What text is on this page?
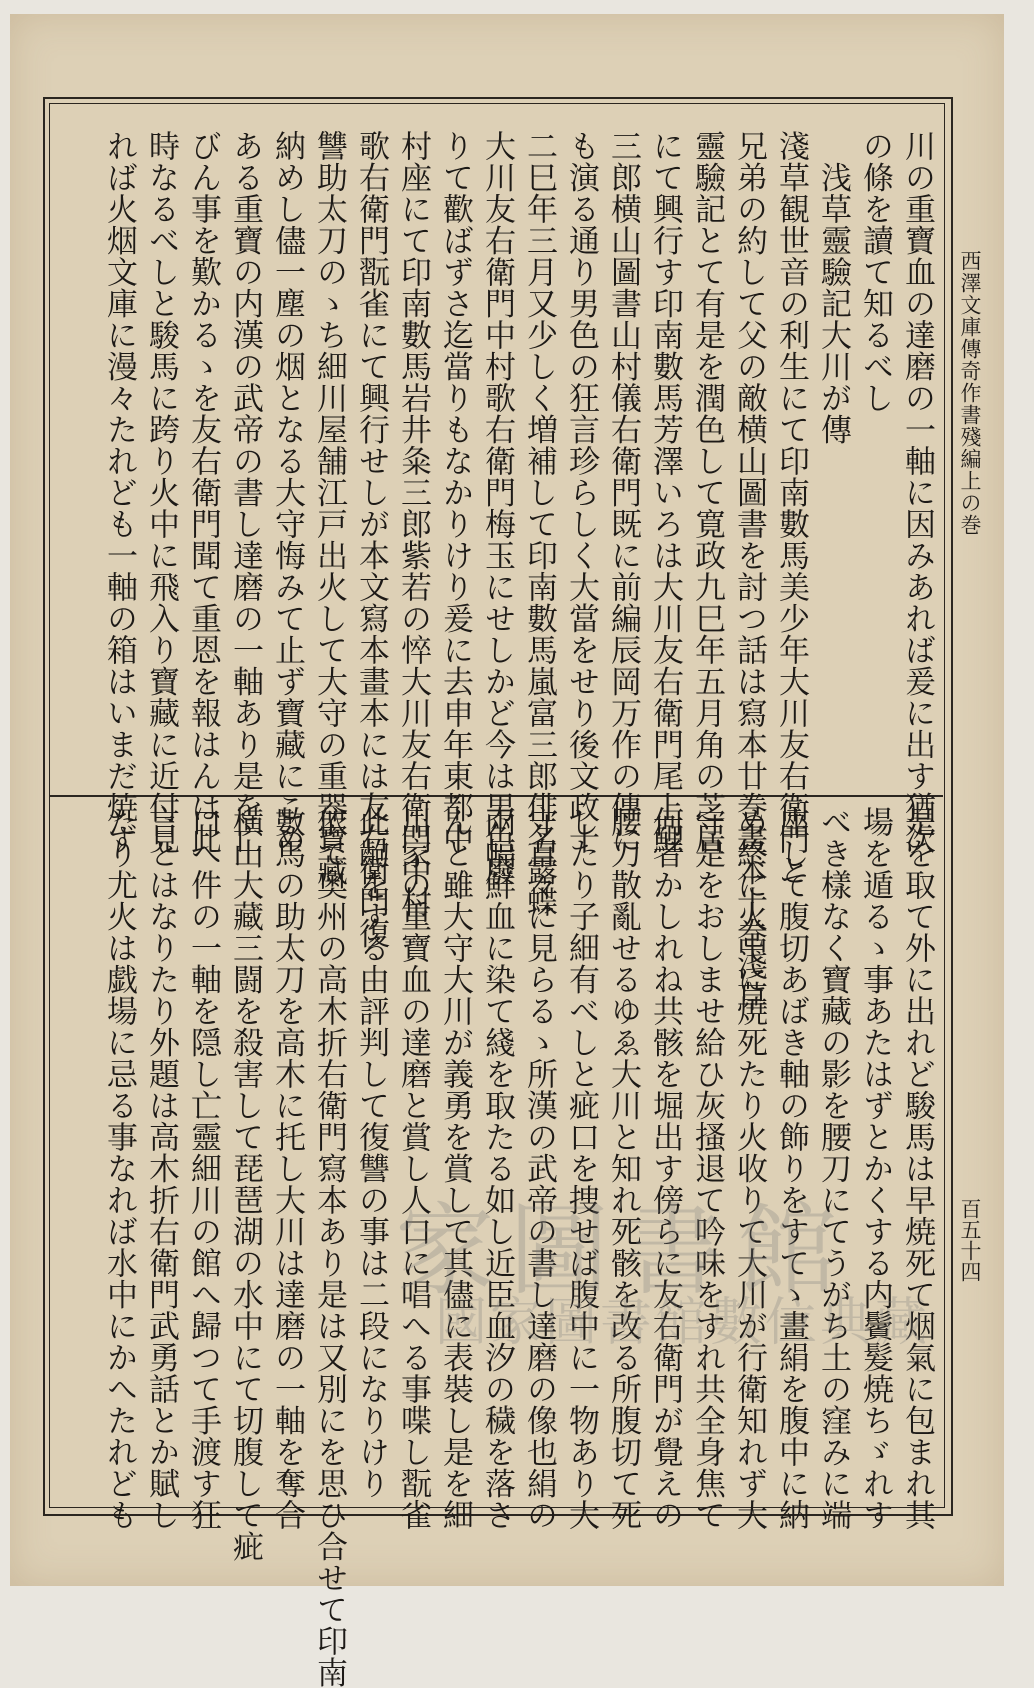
西澤文庫傳奇作書殘編上の巻
百五十四
川の重寶血の達磨の一軸に因みあれば爰に出す猶次
の條を讀て知るべし
　浅草靈驗記大川が傳
淺草観世音の利生にて印南數馬美少年大川友右衛門と
兄弟の約して父の敵横山圖書を討つ話は寫本廿巻畫本十巻淺草
靈驗記とて有是を潤色して寛政九巳年五月角の芝居
にて興行す印南數馬芳澤いろは大川友右衛門尾上鯉
三郎横山圖書山村儀右衛門既に前編辰岡万作の傳に
も演る通り男色の狂言珍らしく大當をせり後文政十
二巳年三月又少しく増補して印南數馬嵐富三郎俳名露蝶
大川友右衛門中村歌右衛門梅玉にせしかど今は男色廢
りて歡ばずさ迄當りもなかりけり爰に去申年東都中
村座にて印南數馬岩井粂三郎紫若の悴大川友右衛門中村
歌右衛門翫雀にて興行せしが本文寫本畫本には友右衛門復
讐助太刀のゝち細川屋舗江戸出火して大守の重器寶藏
納めし儘一塵の烟となる大守悔みて止ず寶藏にこめ
ある重寶の内漢の武帝の書し達磨の一軸あり是を亡
びん事を歎かるゝを友右衛門聞て重恩を報はんは此
時なるべしと駿馬に跨り火中に飛入り寶藏に近付見
れば火烟文庫に漫々たれども一軸の箱はいまだ焼ず
是を取て外に出れど駿馬は早焼死て烟氣に包まれ其
場を遁るゝ事あたはずとかくする内鬢髮焼ちゞれす
べき樣なく寶藏の影を腰刀にてうがち土の窪みに端
座して腹切あばき軸の飾りをすてゝ畫絹を腹中に納
め終に火中に焼死たり火收りて大川が行衛知れず大
守是をおしませ給ひ灰搔退て吟味をすれ共全身焦て
何者かしれね共骸を堀出す傍らに友右衛門が覺えの
腰刀散亂せるゆゑ大川と知れ死骸を改る所腹切て死
したり子細有べしと疵口を捜せば腹中に一物あり大
守直々に見らるゝ所漢の武帝の書し達磨の像也絹の
兩幅鮮血に染て綫を取たる如し近臣血汐の穢を落さ
んと雖大守大川が義勇を賞して其儘に表裝し是を細
川家の重寶血の達磨と賞し人口に唱へる事喋し翫雀
此齣をする由評判して復讐の事は二段になりけり
依て奥州の高木折右衛門寫本あり是は又別にを思ひ合せて印南
數馬の助太刀を高木に托し大川は達磨の一軸を奪合
横山大藏三闘を殺害して琵琶湖の水中にて切腹して疵
口へ件の一軸を隠し亡靈細川の館へ歸つて手渡す狂
言とはなりたり外題は高木折右衛門武勇話とか賦し
たり尤火は戯場に忌る事なれば水中にかへたれども	家圖書館
國家圖書館數位典藏
